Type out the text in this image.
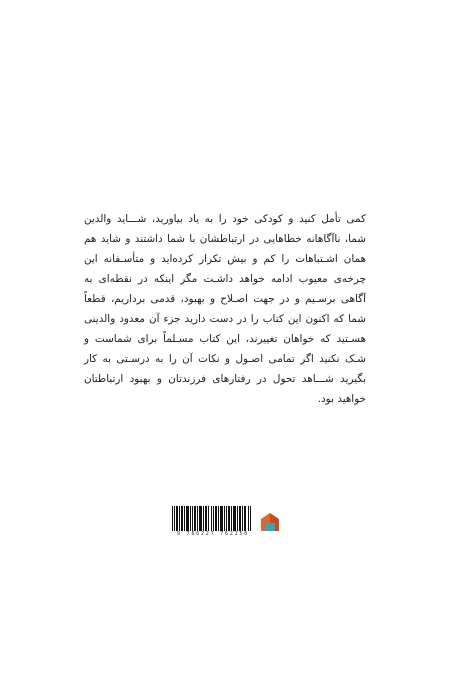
کمی تأمل کنید و کودکی خود را به یاد بیاورید، شـــاید والدین
شما، ناآگاهانه خطاهایی در ارتباطشان با شما داشتند و شاید هم
همان اشـتباهات را کم و بیش تکرار کرده‌اید و متأسـفانه این
چرخه‌ی معیوب ادامه خواهد داشـت مگر اینکه در نقطه‌ای به
آگاهی برسـیم و در جهت اصـلاح و بهبود، قدمی برداریم، قطعاً
شما که اکنون این کتاب را در دست دارید جزء آن معدود والدینی
هسـتید که خواهان تغییرند، این کتاب مسـلماً برای شماست و
شـک نکنید اگر تمامی اصـول و نکات آن را به درسـتی به کار
بگیرید شـــاهد تحول در رفتارهای فرزندتان و بهبود ارتباطتان
خواهید بود.
9 786227 762150
